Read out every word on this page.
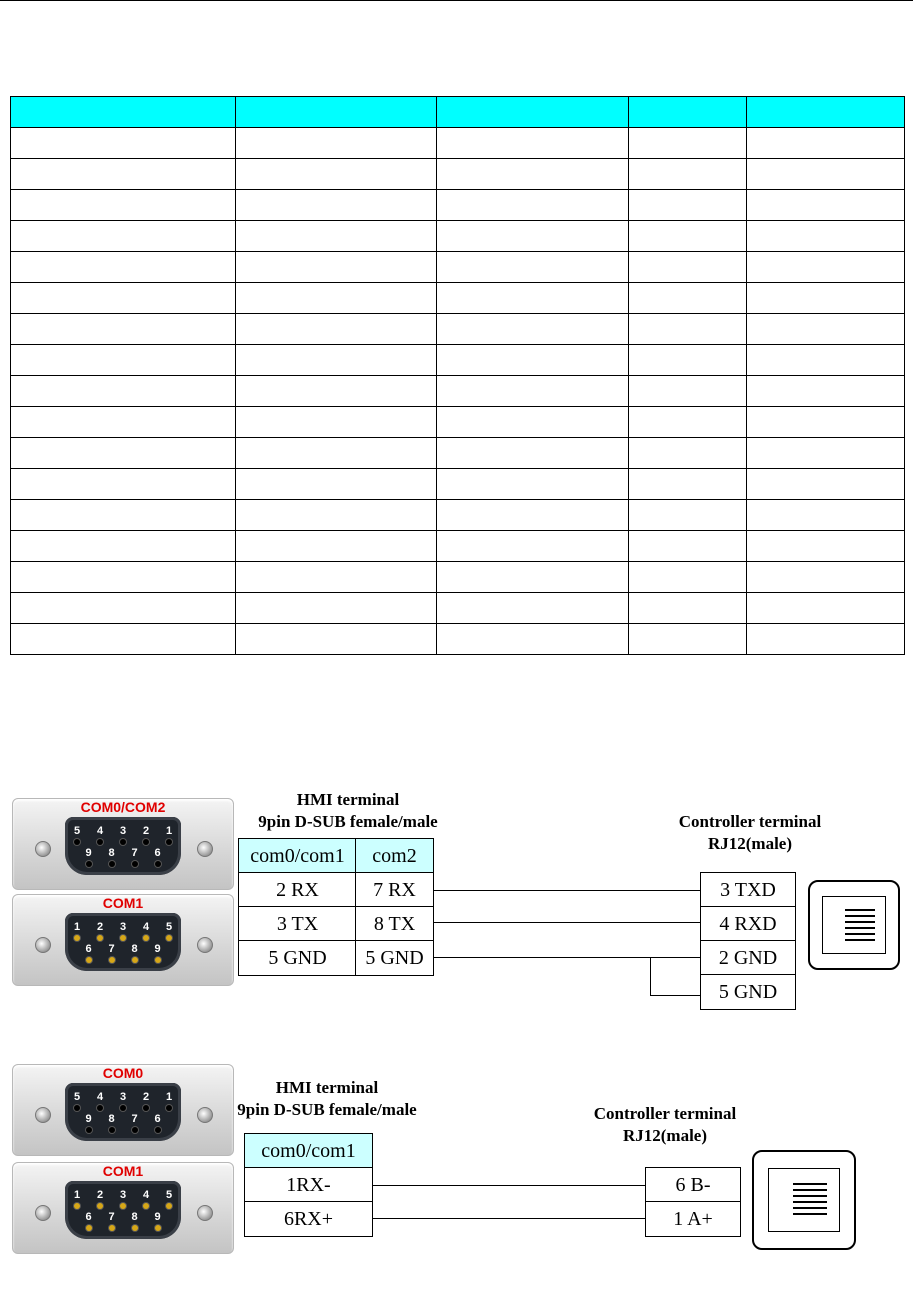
COM0/COM2
5	4	3	2	1
9	8	7	6
COM1
1	2	3	4	5
6	7	8	9
HMI terminal
9pin D-SUB female/male
com0/com1	com2
2 RX	7 RX
3 TX	8 TX
5 GND	5 GND
Controller terminal
RJ12(male)
3 TXD
4 RXD
2 GND
5 GND
COM0
5	4	3	2	1
9	8	7	6
COM1
1	2	3	4	5
6	7	8	9
HMI terminal
9pin D-SUB female/male
com0/com1
1RX-
6RX+
Controller terminal
RJ12(male)
6 B-
1 A+
